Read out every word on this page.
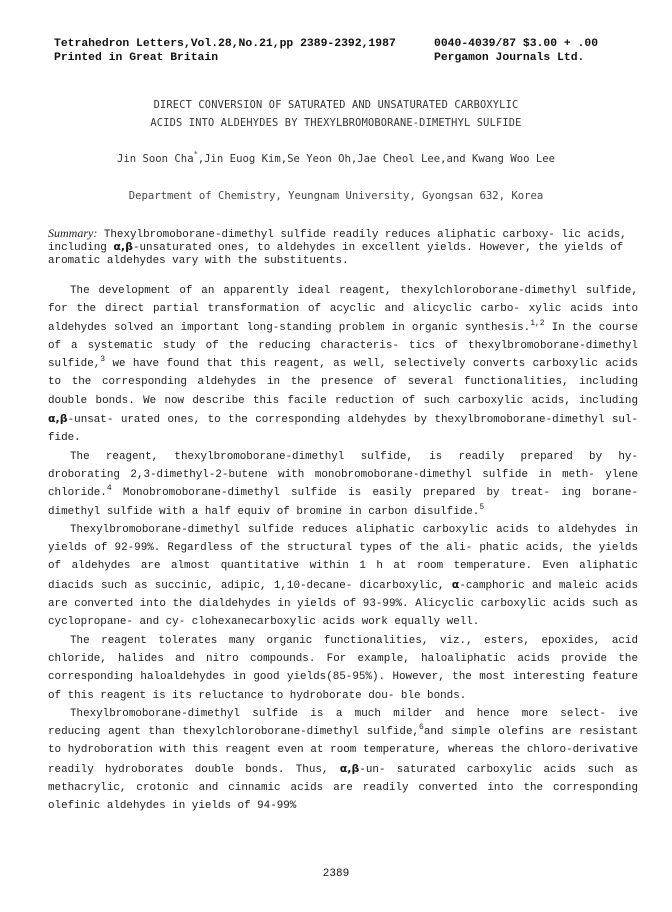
Tetrahedron Letters,Vol.28,No.21,pp 2389-2392,1987
Printed in Great Britain
0040-4039/87 $3.00 + .00
Pergamon Journals Ltd.
DIRECT CONVERSION OF SATURATED AND UNSATURATED CARBOXYLIC
ACIDS INTO ALDEHYDES BY THEXYLBROMOBORANE-DIMETHYL SULFIDE
Jin Soon Cha*,Jin Euog Kim,Se Yeon Oh,Jae Cheol Lee,and Kwang Woo Lee
Department of Chemistry, Yeungnam University, Gyongsan 632, Korea
Summary: Thexylbromoborane-dimethyl sulfide readily reduces aliphatic carboxy- lic acids, including α,β-unsaturated ones, to aldehydes in excellent yields. However, the yields of aromatic aldehydes vary with the substituents.

The development of an apparently ideal reagent, thexylchloroborane-dimethyl sulfide, for the direct partial transformation of acyclic and alicyclic carbo- xylic acids into aldehydes solved an important long-standing problem in organic synthesis.$^{1,2}$ In the course of a systematic study of the reducing characteris- tics of thexylbromoborane-dimethyl sulfide,$^3$ we have found that this reagent, as well, selectively converts carboxylic acids to the corresponding aldehydes in the presence of several functionalities, including double bonds. We now describe this facile reduction of such carboxylic acids, including α,β-unsat- urated ones, to the corresponding aldehydes by thexylbromoborane-dimethyl sul- fide.

The reagent, thexylbromoborane-dimethyl sulfide, is readily prepared by hy- droborating 2,3-dimethyl-2-butene with monobromoborane-dimethyl sulfide in meth- ylene chloride.$^4$ Monobromoborane-dimethyl sulfide is easily prepared by treat- ing borane-dimethyl sulfide with a half equiv of bromine in carbon disulfide.$^5$

Thexylbromoborane-dimethyl sulfide reduces aliphatic carboxylic acids to aldehydes in yields of 92-99%. Regardless of the structural types of the ali- phatic acids, the yields of aldehydes are almost quantitative within 1 h at room temperature. Even aliphatic diacids such as succinic, adipic, 1,10-decane- dicarboxylic, α-camphoric and maleic acids are converted into the dialdehydes in yields of 93-99%. Alicyclic carboxylic acids such as cyclopropane- and cy- clohexanecarboxylic acids work equally well.

The reagent tolerates many organic functionalities, viz., esters, epoxides, acid chloride, halides and nitro compounds. For example, haloaliphatic acids provide the corresponding haloaldehydes in good yields(85-95%). However, the most interesting feature of this reagent is its reluctance to hydroborate dou- ble bonds.

Thexylbromoborane-dimethyl sulfide is a much milder and hence more select- ive reducing agent than thexylchloroborane-dimethyl sulfide,$^6$and simple olefins are resistant to hydroboration with this reagent even at room temperature, whereas the chloro-derivative readily hydroborates double bonds. Thus, α,β-un- saturated carboxylic acids such as methacrylic, crotonic and cinnamic acids are readily converted into the corresponding olefinic aldehydes in yields of 94-99%

2389
